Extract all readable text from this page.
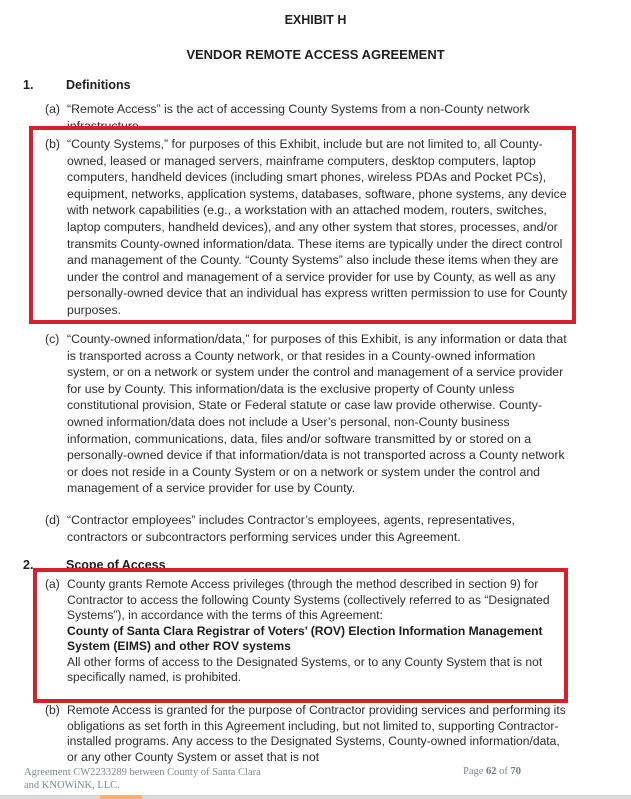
EXHIBIT H
VENDOR REMOTE ACCESS AGREEMENT
1.	Definitions
(a) “Remote Access” is the act of accessing County Systems from a non-County network infrastructure.

(b) “County Systems,” for purposes of this Exhibit, include but are not limited to, all County-owned, leased or managed servers, mainframe computers, desktop computers, laptop computers, handheld devices (including smart phones, wireless PDAs and Pocket PCs), equipment, networks, application systems, databases, software, phone systems, any device with network capabilities (e.g., a workstation with an attached modem, routers, switches, laptop computers, handheld devices), and any other system that stores, processes, and/or transmits County-owned information/data. These items are typically under the direct control and management of the County. “County Systems” also include these items when they are under the control and management of a service provider for use by County, as well as any personally-owned device that an individual has express written permission to use for County purposes.

(c) “County-owned information/data,” for purposes of this Exhibit, is any information or data that is transported across a County network, or that resides in a County-owned information system, or on a network or system under the control and management of a service provider for use by County. This information/data is the exclusive property of County unless constitutional provision, State or Federal statute or case law provide otherwise. County-owned information/data does not include a User’s personal, non-County business information, communications, data, files and/or software transmitted by or stored on a personally-owned device if that information/data is not transported across a County network or does not reside in a County System or on a network or system under the control and management of a service provider for use by County.

(d) “Contractor employees” includes Contractor’s employees, agents, representatives, contractors or subcontractors performing services under this Agreement.

2.	Scope of Access
(a) County grants Remote Access privileges (through the method described in section 9) for Contractor to access the following County Systems (collectively referred to as “Designated Systems”), in accordance with the terms of this Agreement:

County of Santa Clara Registrar of Voters’ (ROV) Election Information Management System (EIMS) and other ROV systems

All other forms of access to the Designated Systems, or to any County System that is not specifically named, is prohibited.

(b) Remote Access is granted for the purpose of Contractor providing services and performing its obligations as set forth in this Agreement including, but not limited to, supporting Contractor-installed programs. Any access to the Designated Systems, County-owned information/data, or any other County System or asset that is not

Agreement CW2233289 between County of Santa Clara
and KNOWiNK, LLC.
Page 62 of 70
